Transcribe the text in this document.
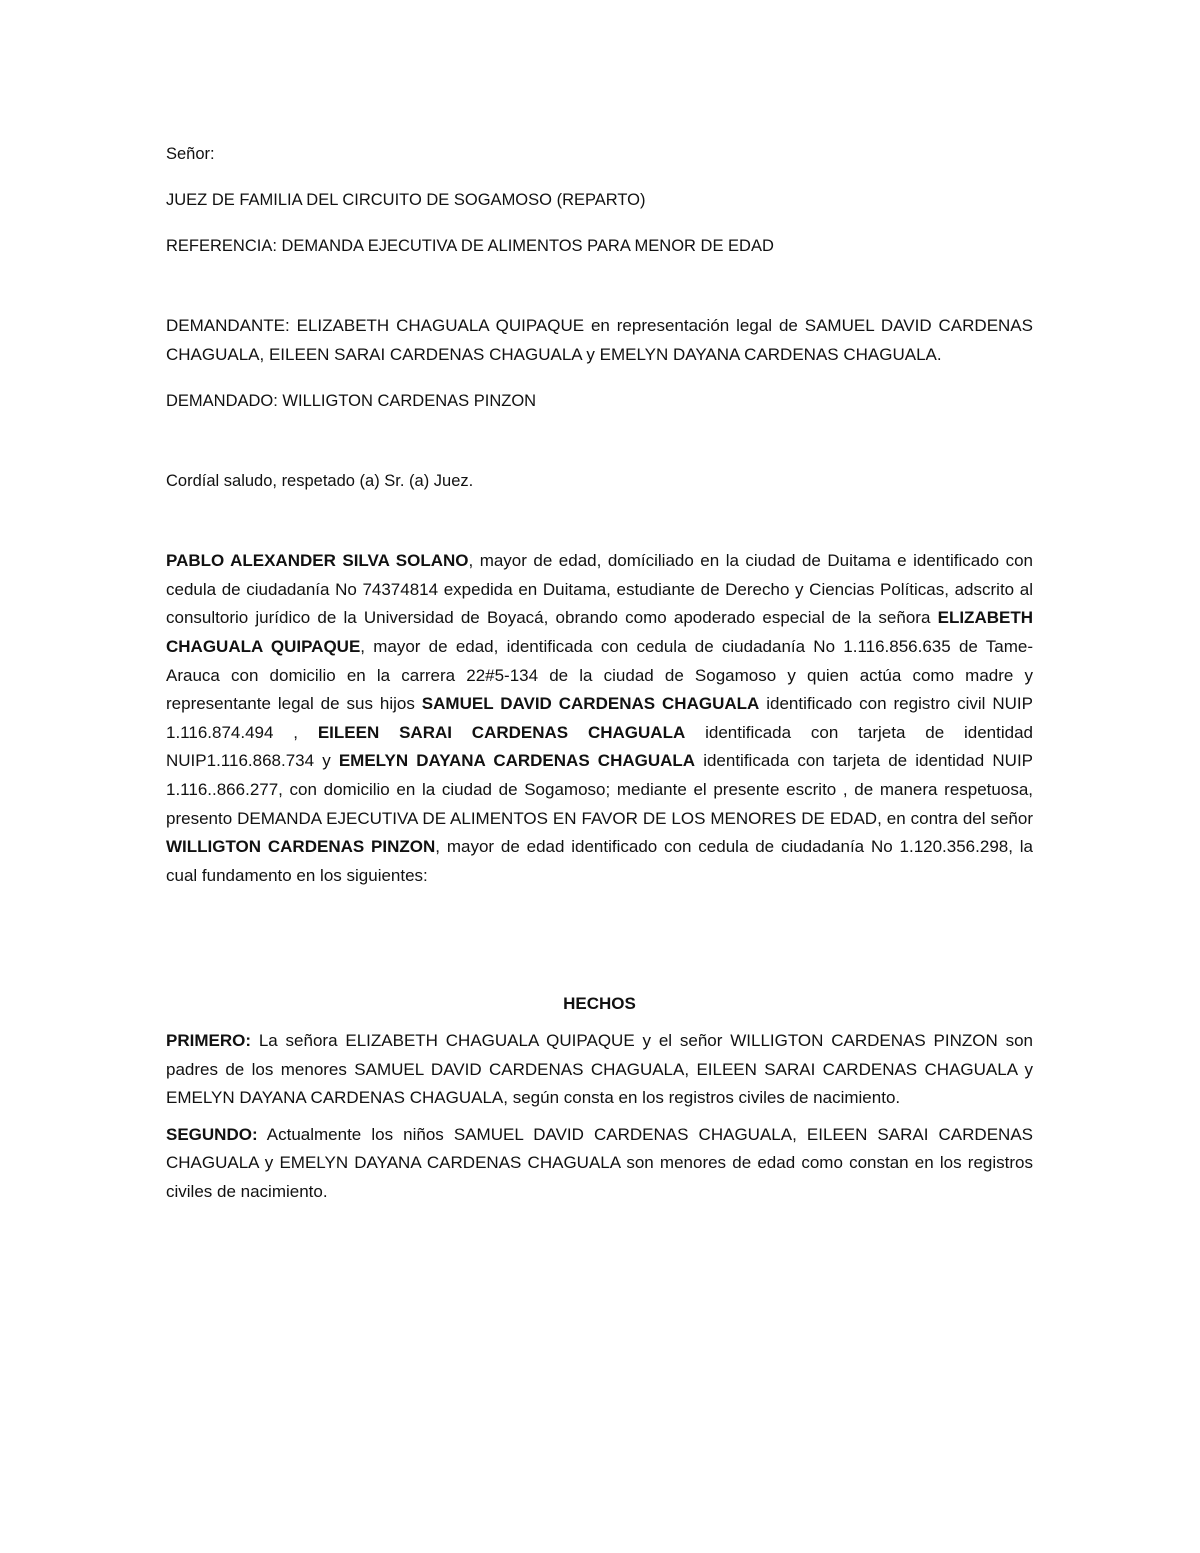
Señor:

JUEZ DE FAMILIA DEL CIRCUITO DE SOGAMOSO (REPARTO)

REFERENCIA: DEMANDA EJECUTIVA DE ALIMENTOS PARA MENOR DE EDAD

DEMANDANTE: ELIZABETH CHAGUALA QUIPAQUE en representación legal de SAMUEL DAVID CARDENAS CHAGUALA, EILEEN SARAI CARDENAS CHAGUALA y EMELYN DAYANA CARDENAS CHAGUALA.

DEMANDADO: WILLIGTON CARDENAS PINZON

Cordíal saludo, respetado (a) Sr. (a) Juez.

PABLO ALEXANDER SILVA SOLANO, mayor de edad, domíciliado en la ciudad de Duitama e identificado con cedula de ciudadanía No 74374814 expedida en Duitama, estudiante de Derecho y Ciencias Políticas, adscrito al consultorio jurídico de la Universidad de Boyacá, obrando como apoderado especial de la señora ELIZABETH CHAGUALA QUIPAQUE, mayor de edad, identificada con cedula de ciudadanía No 1.116.856.635 de Tame-Arauca con domicilio en la carrera 22#5-134 de la ciudad de Sogamoso y quien actúa como madre y representante legal de sus hijos SAMUEL DAVID CARDENAS CHAGUALA identificado con registro civil NUIP 1.116.874.494 , EILEEN SARAI CARDENAS CHAGUALA identificada con tarjeta de identidad NUIP1.116.868.734 y EMELYN DAYANA CARDENAS CHAGUALA identificada con tarjeta de identidad NUIP 1.116..866.277, con domicilio en la ciudad de Sogamoso; mediante el presente escrito , de manera respetuosa, presento DEMANDA EJECUTIVA DE ALIMENTOS EN FAVOR DE LOS MENORES DE EDAD, en contra del señor WILLIGTON CARDENAS PINZON, mayor de edad identificado con cedula de ciudadanía No 1.120.356.298, la cual fundamento en los siguientes:

HECHOS

PRIMERO: La señora ELIZABETH CHAGUALA QUIPAQUE y el señor WILLIGTON CARDENAS PINZON son padres de los menores SAMUEL DAVID CARDENAS CHAGUALA, EILEEN SARAI CARDENAS CHAGUALA y EMELYN DAYANA CARDENAS CHAGUALA, según consta en los registros civiles de nacimiento.

SEGUNDO: Actualmente los niños SAMUEL DAVID CARDENAS CHAGUALA, EILEEN SARAI CARDENAS CHAGUALA y EMELYN DAYANA CARDENAS CHAGUALA son menores de edad como constan en los registros civiles de nacimiento.
